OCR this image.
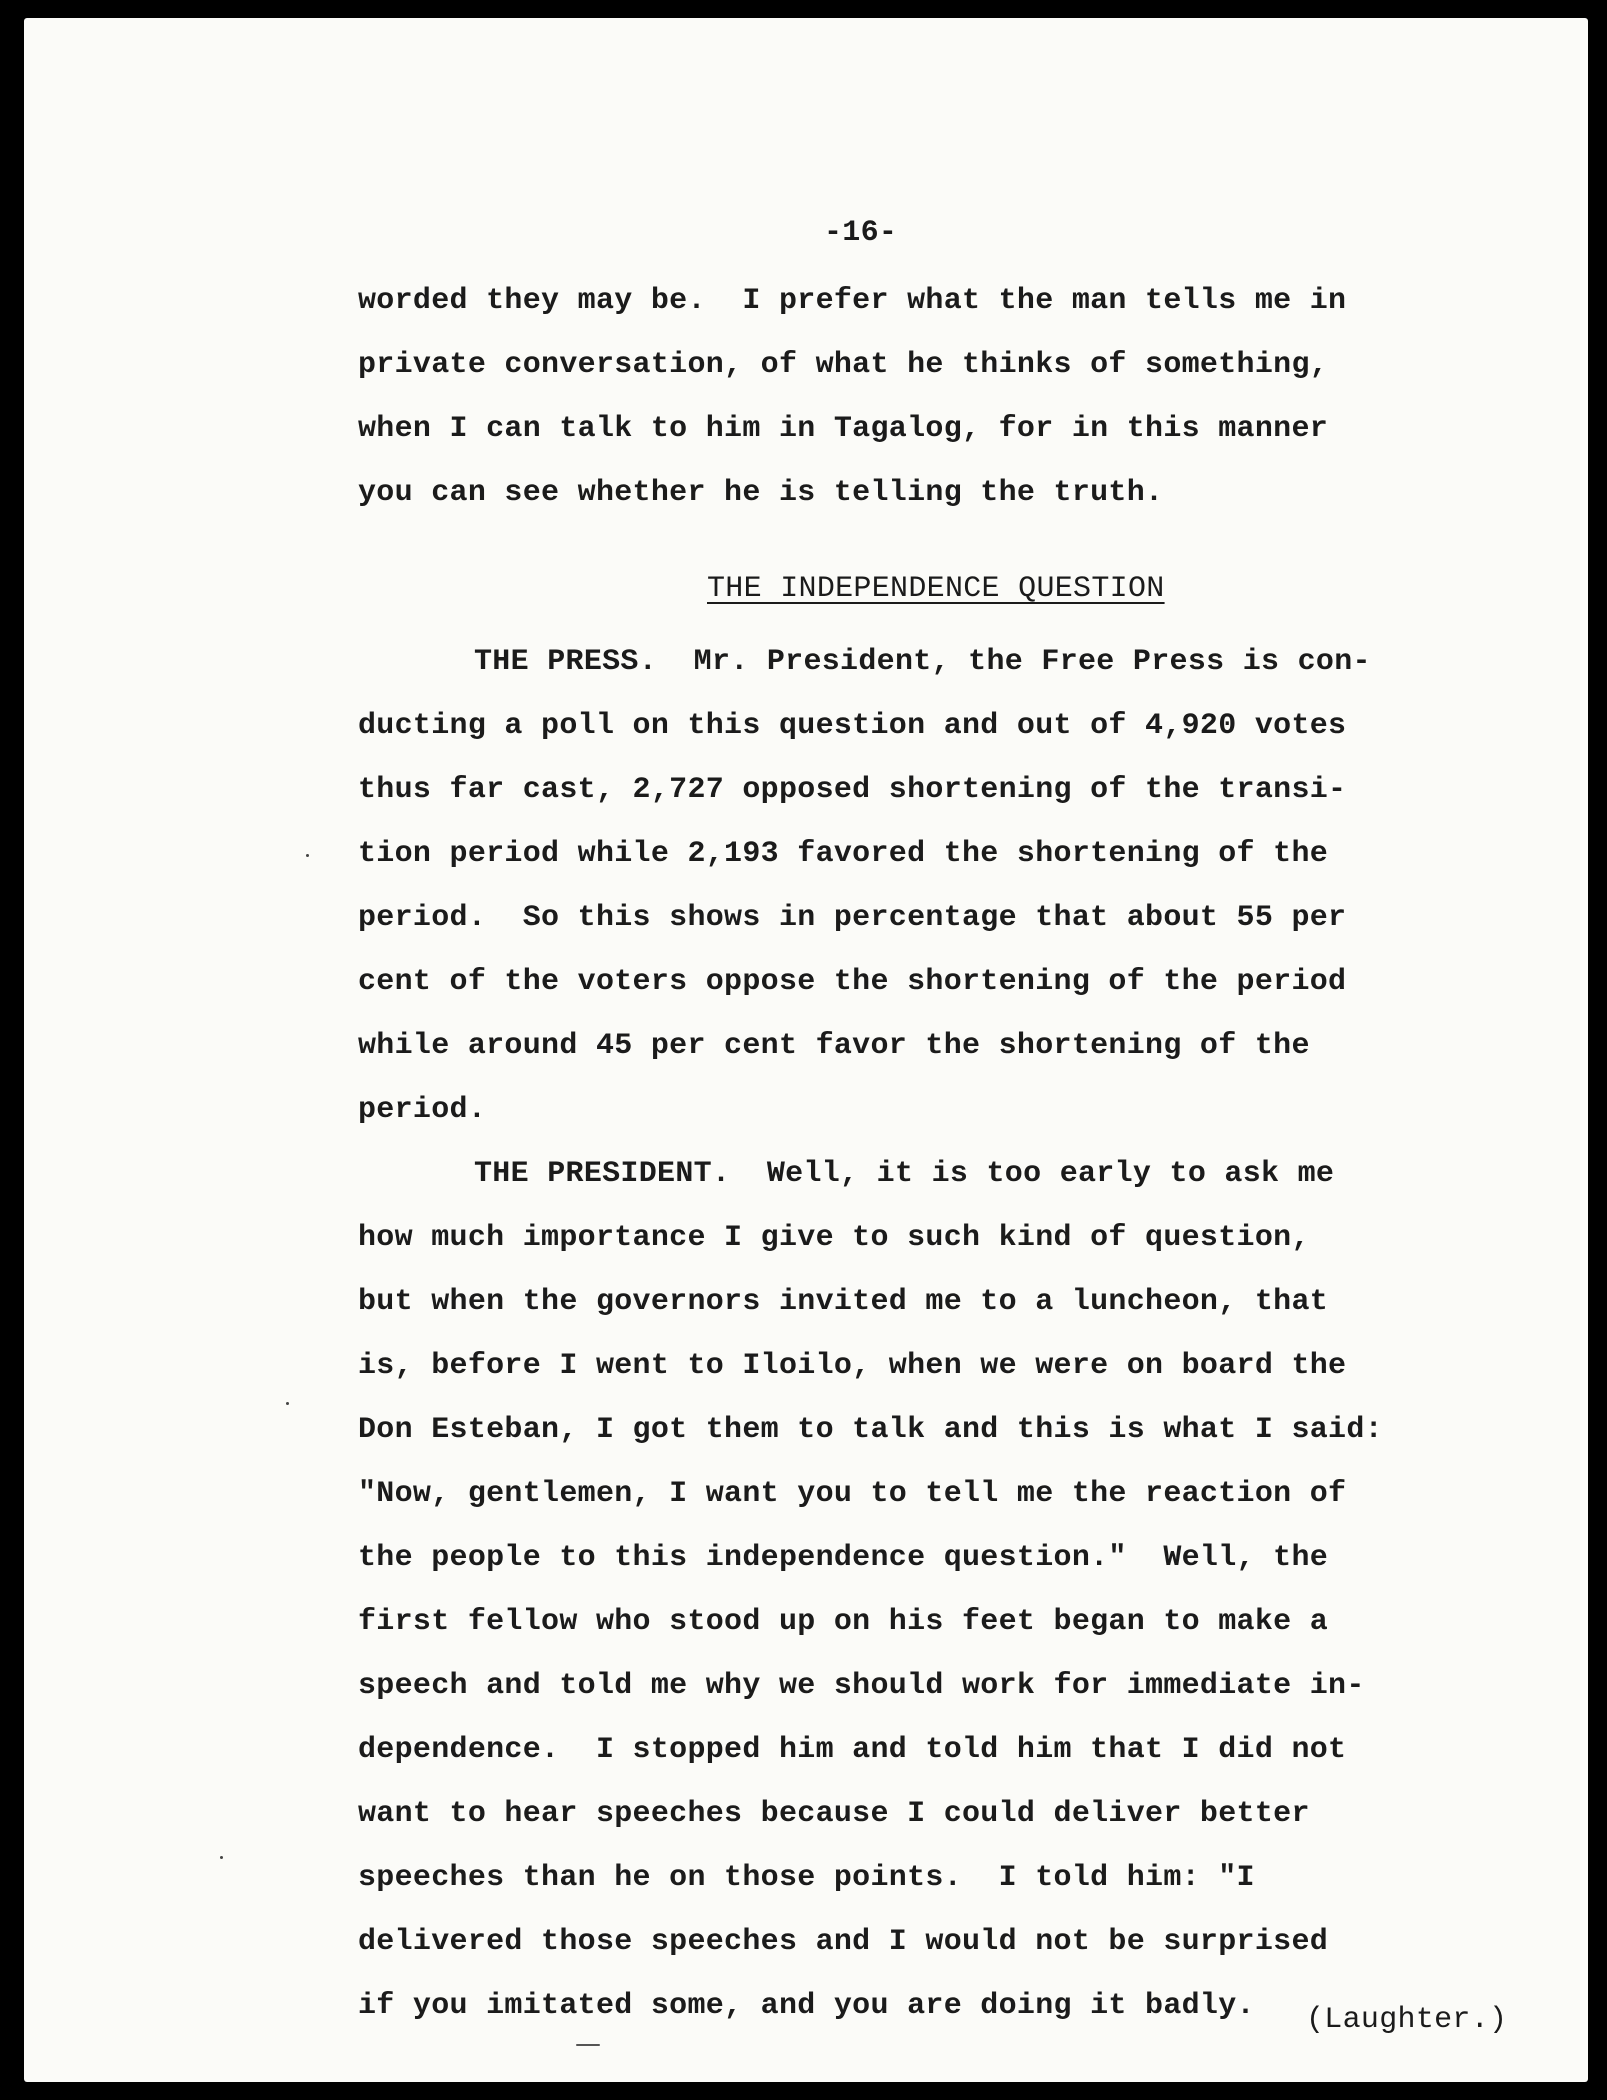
-16-
worded they may be.  I prefer what the man tells me in
private conversation, of what he thinks of something,
when I can talk to him in Tagalog, for in this manner
you can see whether he is telling the truth.
THE INDEPENDENCE QUESTION
THE PRESS.  Mr. President, the Free Press is con-
ducting a poll on this question and out of 4,920 votes
thus far cast, 2,727 opposed shortening of the transi-
tion period while 2,193 favored the shortening of the
period.  So this shows in percentage that about 55 per
cent of the voters oppose the shortening of the period
while around 45 per cent favor the shortening of the
period.
THE PRESIDENT.  Well, it is too early to ask me
how much importance I give to such kind of question,
but when the governors invited me to a luncheon, that
is, before I went to Iloilo, when we were on board the
Don Esteban, I got them to talk and this is what I said:
"Now, gentlemen, I want you to tell me the reaction of
the people to this independence question."  Well, the
first fellow who stood up on his feet began to make a
speech and told me why we should work for immediate in-
dependence.  I stopped him and told him that I did not
want to hear speeches because I could deliver better
speeches than he on those points.  I told him: "I
delivered those speeches and I would not be surprised
if you imitated some, and you are doing it badly. (Laughter.)
